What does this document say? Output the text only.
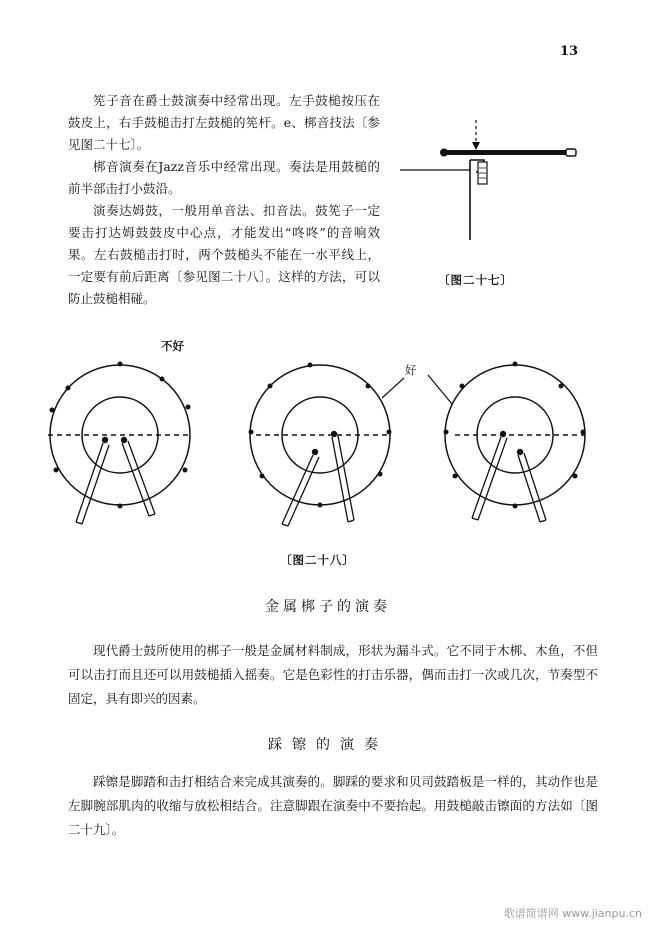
13

筅子音在爵士鼓演奏中经常出现。左手鼓槌按压在鼓皮上，右手鼓槌击打左鼓槌的筅杆。e、梆音技法〔参见图二十七〕。

梆音演奏在Jazz音乐中经常出现。奏法是用鼓槌的前半部击打小鼓沿。

演奏达姆鼓，一般用单音法、扣音法。鼓筅子一定要击打达姆鼓鼓皮中心点，才能发出“咚咚”的音响效果。左右鼓槌击打时，两个鼓槌头不能在一水平线上，一定要有前后距离〔参见图二十八〕。这样的方法，可以防止鼓槌相碰。

〔图二十七〕
不好
好
〔图二十八〕
金属梆子的演奏

现代爵士鼓所使用的梆子一般是金属材料制成，形状为漏斗式。它不同于木梆、木鱼，不但可以击打而且还可以用鼓槌插入摇奏。它是色彩性的打击乐器，偶而击打一次或几次，节奏型不固定，具有即兴的因素。

踩镲的演奏

踩镲是脚踏和击打相结合来完成其演奏的。脚踩的要求和贝司鼓踏板是一样的，其动作也是左脚腕部肌肉的收缩与放松相结合。注意脚跟在演奏中不要抬起。用鼓槌敲击镲面的方法如〔图二十九〕。

歌谱简谱网 www.jianpu.cn
